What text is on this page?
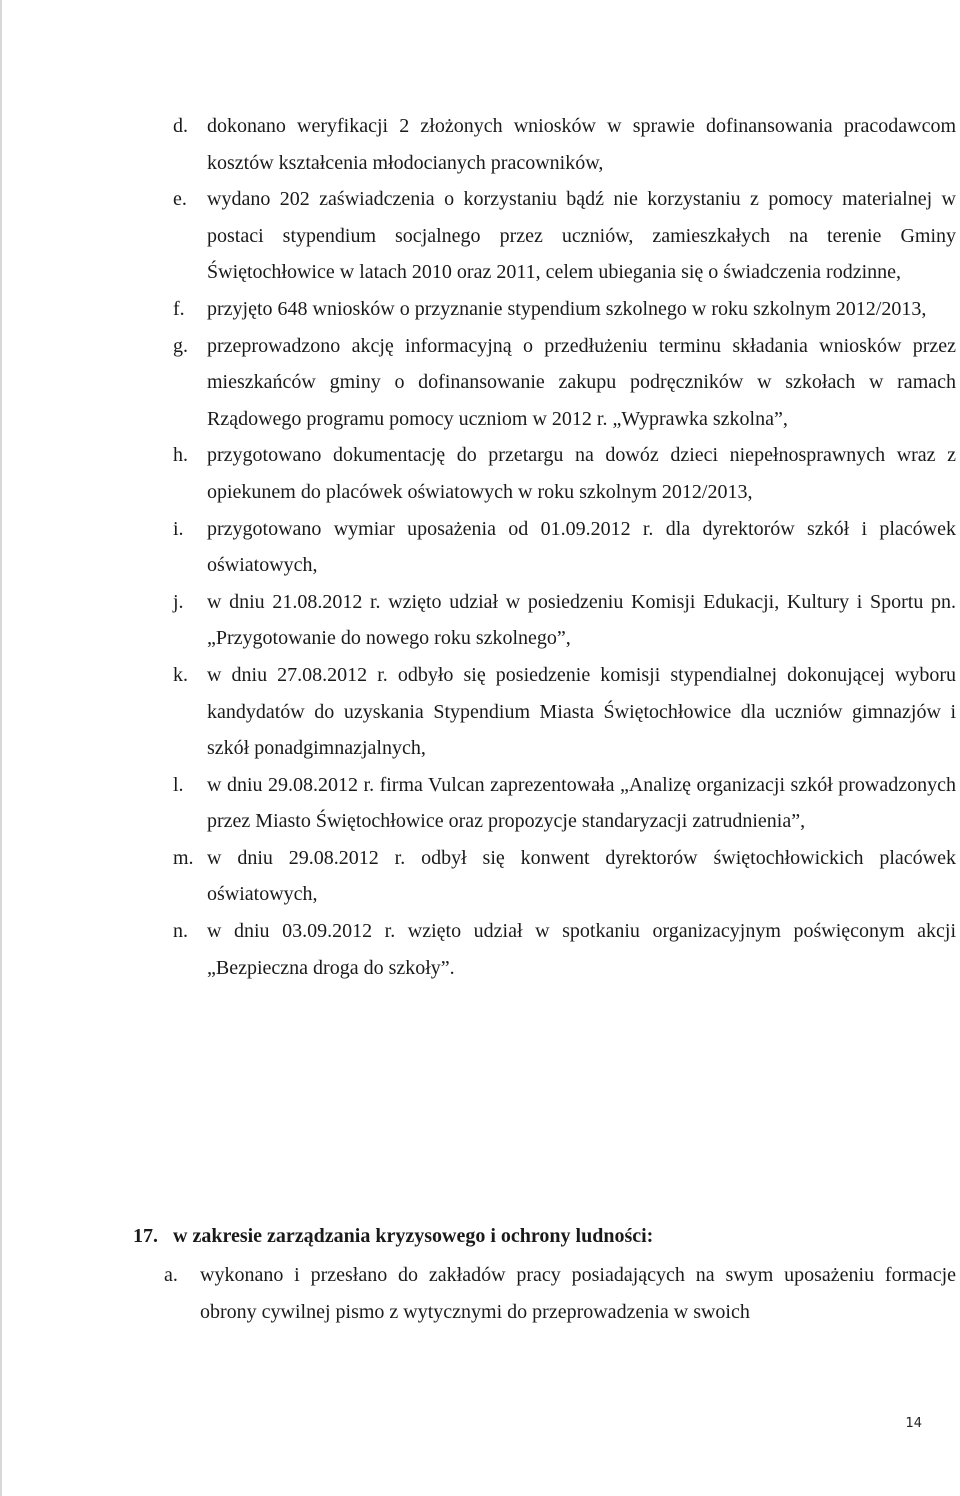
d. dokonano weryfikacji 2 złożonych wniosków w sprawie dofinansowania pracodawcom kosztów kształcenia młodocianych pracowników,
e.	wydano 202 zaświadczenia o korzystaniu bądź nie korzystaniu z pomocy materialnej w postaci stypendium socjalnego przez uczniów, zamieszkałych na terenie Gminy Świętochłowice w latach 2010 oraz 2011, celem ubiegania się o świadczenia rodzinne,
f.	przyjęto 648 wniosków o przyznanie stypendium szkolnego w roku szkolnym 2012/2013,
g. przeprowadzono akcję informacyjną o przedłużeniu terminu składania wniosków przez mieszkańców gminy o dofinansowanie zakupu podręczników w szkołach w ramach Rządowego programu pomocy uczniom w 2012 r. „Wyprawka szkolna”,
h. przygotowano dokumentację do przetargu na dowóz dzieci niepełnosprawnych wraz z opiekunem do placówek oświatowych w roku szkolnym 2012/2013,
i.	przygotowano wymiar uposażenia od 01.09.2012 r. dla dyrektorów szkół i placówek oświatowych,
j.	w dniu 21.08.2012 r. wzięto udział w posiedzeniu Komisji Edukacji, Kultury i Sportu pn. „Przygotowanie do nowego roku szkolnego”,
k. w dniu 27.08.2012 r. odbyło się posiedzenie komisji stypendialnej dokonującej wyboru kandydatów do uzyskania Stypendium Miasta Świętochłowice dla uczniów gimnazjów i szkół ponadgimnazjalnych,
l.	w dniu 29.08.2012 r. firma Vulcan zaprezentowała „Analizę organizacji szkół prowadzonych przez Miasto Świętochłowice oraz propozycje standaryzacji zatrudnienia”,
m. w dniu 29.08.2012 r. odbył się konwent dyrektorów świętochłowickich placówek oświatowych,
n. w dniu 03.09.2012 r. wzięto udział w spotkaniu organizacyjnym poświęconym akcji „Bezpieczna droga do szkoły”.
17. w zakresie zarządzania kryzysowego i ochrony ludności:
a.	wykonano i przesłano do zakładów pracy posiadających na swym uposażeniu formacje obrony cywilnej pismo z wytycznymi do przeprowadzenia w swoich
14
